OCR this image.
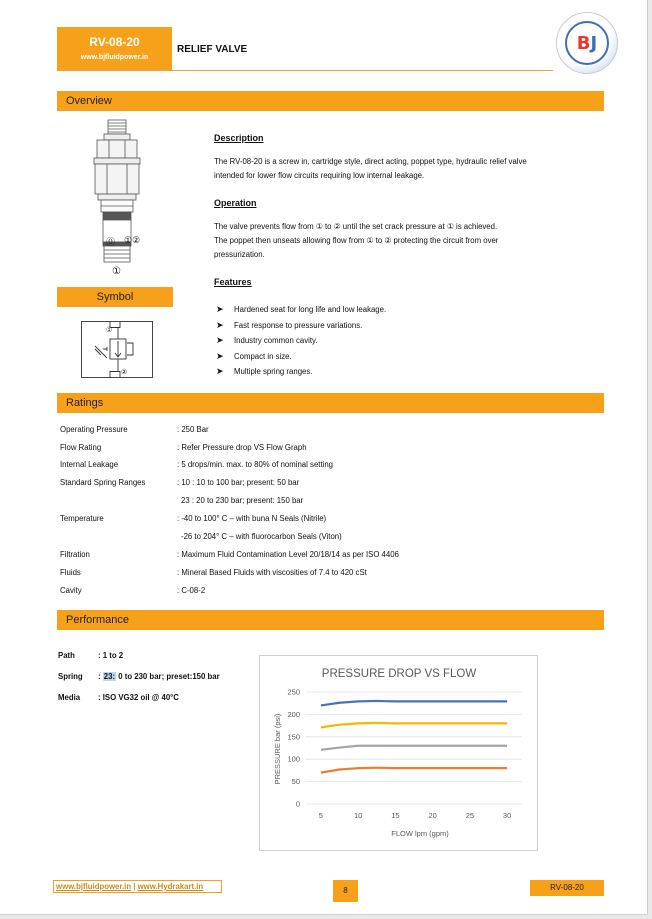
RV-08-20
www.bjfluidpower.in
RELIEF VALVE	B J
Overview
⓪ ① ②
①
Symbol
①
②
Description
The RV-08-20 is a screw in, cartridge style, direct acting, poppet type, hydraulic relief valve
intended for lower flow circuits requiring low internal leakage.
Operation
The valve prevents flow from ① to ② until the set crack pressure at ① is achieved.
The poppet then unseats allowing flow from ① to ② protecting the circuit from over
pressurization.
Features
➤	Hardened seat for long life and low leakage.
➤	Fast response to pressure variations.
➤	Industry common cavity.
➤	Compact in size.
➤	Multiple spring ranges.
Ratings
Operating Pressure	: 250 Bar
Flow Rating	: Refer Pressure drop VS Flow Graph
Internal Leakage	: 5 drops/min. max. to 80% of nominal setting
Standard Spring Ranges	: 10 : 10 to 100 bar; present: 50 bar
23 : 20 to 230 bar; present: 150 bar
Temperature	: -40 to 100° C – with buna N Seals (Nitrile)
-26 to 204° C – with fluorocarbon Seals (Viton)
Filtration	: Maximum Fluid Contamination Level 20/18/14 as per ISO 4406
Fluids	: Mineral Based Fluids with viscosities of 7.4 to 420 cSt
Cavity	: C-08-2
Performance
Path	: 1 to 2
Spring : 23: 0 to 230 bar; preset:150 bar
Media : ISO VG32 oil @ 40°C
PRESSURE DROP VS FLOW
0
50
100
150
200
250
5	10	15	20	25	30
FLOW lpm (gpm)
PRESSURE bar (psi)
www.bjfluidpower.in | www.Hydrakart.in	8	RV-08-20
